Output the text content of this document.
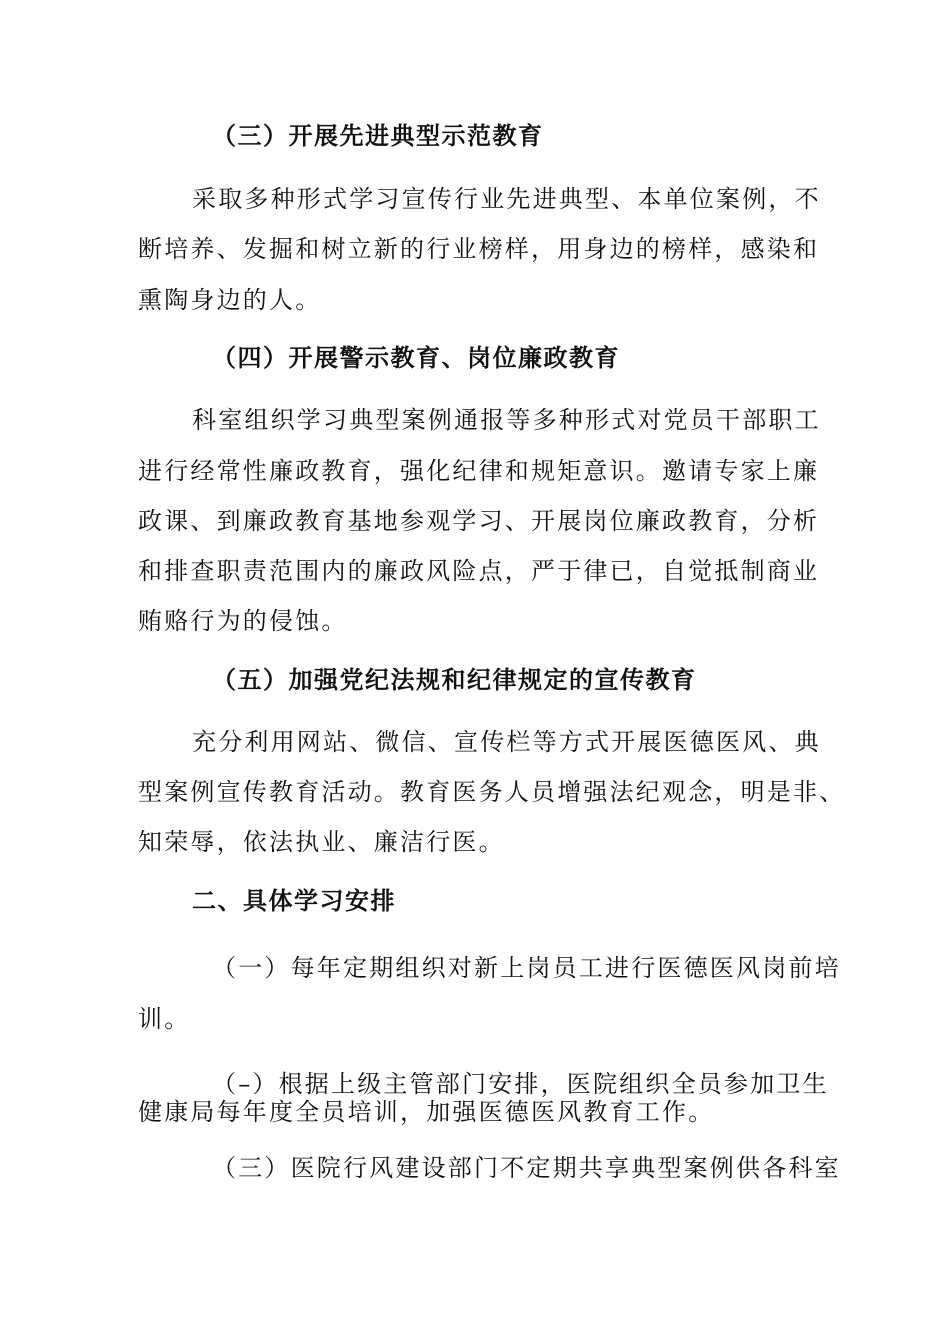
（三）开展先进典型示范教育
采取多种形式学习宣传行业先进典型、本单位案例，不
断培养、发掘和树立新的行业榜样，用身边的榜样，感染和
熏陶身边的人。
（四）开展警示教育、岗位廉政教育
科室组织学习典型案例通报等多种形式对党员干部职工
进行经常性廉政教育，强化纪律和规矩意识。邀请专家上廉
政课、到廉政教育基地参观学习、开展岗位廉政教育，分析
和排查职责范围内的廉政风险点，严于律已，自觉抵制商业
贿赂行为的侵蚀。
（五）加强党纪法规和纪律规定的宣传教育
充分利用网站、微信、宣传栏等方式开展医德医风、典
型案例宣传教育活动。教育医务人员增强法纪观念，明是非、
知荣辱，依法执业、廉洁行医。
二、具体学习安排
（一）每年定期组织对新上岗员工进行医德医风岗前培
训。
（–）根据上级主管部门安排，医院组织全员参加卫生
健康局每年度全员培训，加强医德医风教育工作。
（三）医院行风建设部门不定期共享典型案例供各科室
